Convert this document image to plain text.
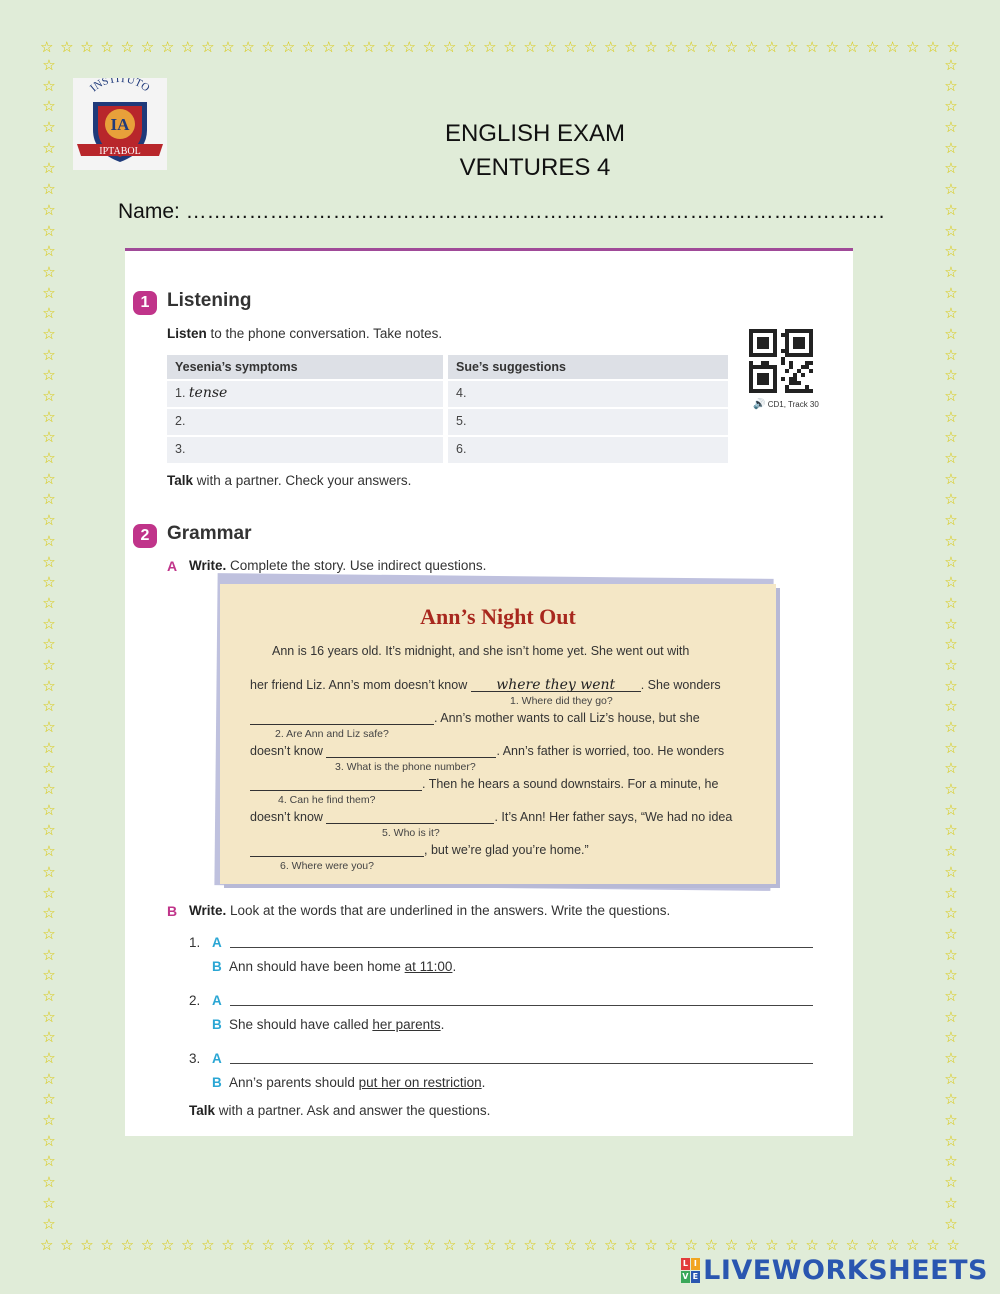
☆ ☆ ☆ ☆ ☆ ☆ ☆ ☆ ☆ ☆ ☆ ☆ ☆ ☆ ☆ ☆ ☆ ☆ ☆ ☆ ☆ ☆ ☆ ☆ ☆ ☆ ☆ ☆ ☆ ☆ ☆ ☆ ☆ ☆ ☆ ☆ ☆ ☆ ☆ ☆ ☆ ☆ ☆ ☆ ☆ ☆
☆ ☆ ☆ ☆ ☆ ☆ ☆ ☆ ☆ ☆ ☆ ☆ ☆ ☆ ☆ ☆ ☆ ☆ ☆ ☆ ☆ ☆ ☆ ☆ ☆ ☆ ☆ ☆ ☆ ☆ ☆ ☆ ☆ ☆ ☆ ☆ ☆ ☆ ☆ ☆ ☆ ☆ ☆ ☆ ☆ ☆
☆
☆
☆
☆
☆
☆
☆
☆
☆
☆
☆
☆
☆
☆
☆
☆
☆
☆
☆
☆
☆
☆
☆
☆
☆
☆
☆
☆
☆
☆
☆
☆
☆
☆
☆
☆
☆
☆
☆
☆
☆
☆
☆
☆
☆
☆
☆
☆
☆
☆
☆
☆
☆
☆
☆
☆
☆
☆
☆
☆
☆
☆
☆
☆
☆
☆
☆
☆
☆
☆
☆
☆
☆
☆
☆
☆
☆
☆
☆
☆
☆
☆
☆
☆
☆
☆
☆
☆
☆
☆
☆
☆
☆
☆
☆
☆
☆
☆
☆
☆
☆
☆
☆
☆
☆
☆
☆
☆
☆
☆
☆
☆
☆
☆
INSTITUTO
IA
IPTABOL
ENGLISH EXAM
VENTURES 4
Name: ……………………………………………………………………………………….
1 Listening
Listen to the phone conversation. Take notes.
Yesenia’s symptoms	Sue’s suggestions
1. tense	4.
2.	5.
3.	6.
🔊 CD1, Track 30
Talk with a partner. Check your answers.
2 Grammar
A Write. Complete the story. Use indirect questions.
Ann’s Night Out
Ann is 16 years old. It’s midnight, and she isn’t home yet. She went out with
her friend Liz. Ann’s mom doesn’t know where they went . She wonders
1. Where did they go?
. Ann’s mother wants to call Liz’s house, but she
2. Are Ann and Liz safe?
doesn’t know	. Ann’s father is worried, too. He wonders
3. What is the phone number?
. Then he hears a sound downstairs. For a minute, he
4. Can he find them?
doesn’t know	. It’s Ann! Her father says, “We had no idea
5. Who is it?
, but we’re glad you’re home.”
6. Where were you?
B Write. Look at the words that are underlined in the answers. Write the questions.
1. A
B Ann should have been home at 11:00.
2. A
B She should have called her parents.
3. A
B Ann’s parents should put her on restriction.
Talk with a partner. Ask and answer the questions.
L I
V E LIVEWORKSHEETS
